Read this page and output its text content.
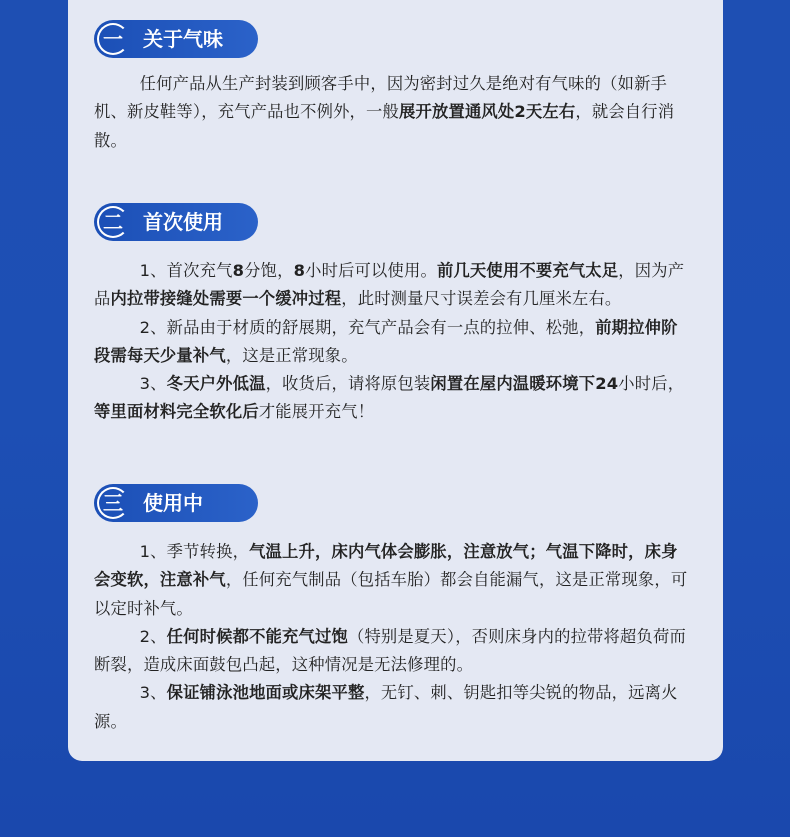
一	关于气味

任何产品从生产封装到顾客手中，因为密封过久是绝对有气味的（如新手机、新皮鞋等），充气产品也不例外，一般展开放置通风处2天左右，就会自行消散。

二	首次使用

1、首次充气8分饱，8小时后可以使用。前几天使用不要充气太足，因为产品内拉带接缝处需要一个缓冲过程，此时测量尺寸误差会有几厘米左右。

2、新品由于材质的舒展期，充气产品会有一点的拉伸、松弛，前期拉伸阶段需每天少量补气，这是正常现象。

3、冬天户外低温，收货后，请将原包装闲置在屋内温暖环境下24小时后，等里面材料完全软化后才能展开充气！

三	使用中

1、季节转换，气温上升，床内气体会膨胀，注意放气；气温下降时，床身会变软，注意补气，任何充气制品（包括车胎）都会自能漏气，这是正常现象，可以定时补气。

2、任何时候都不能充气过饱（特别是夏天），否则床身内的拉带将超负荷而断裂，造成床面鼓包凸起，这种情况是无法修理的。

3、保证铺泳池地面或床架平整，无钉、刺、钥匙扣等尖锐的物品，远离火源。
